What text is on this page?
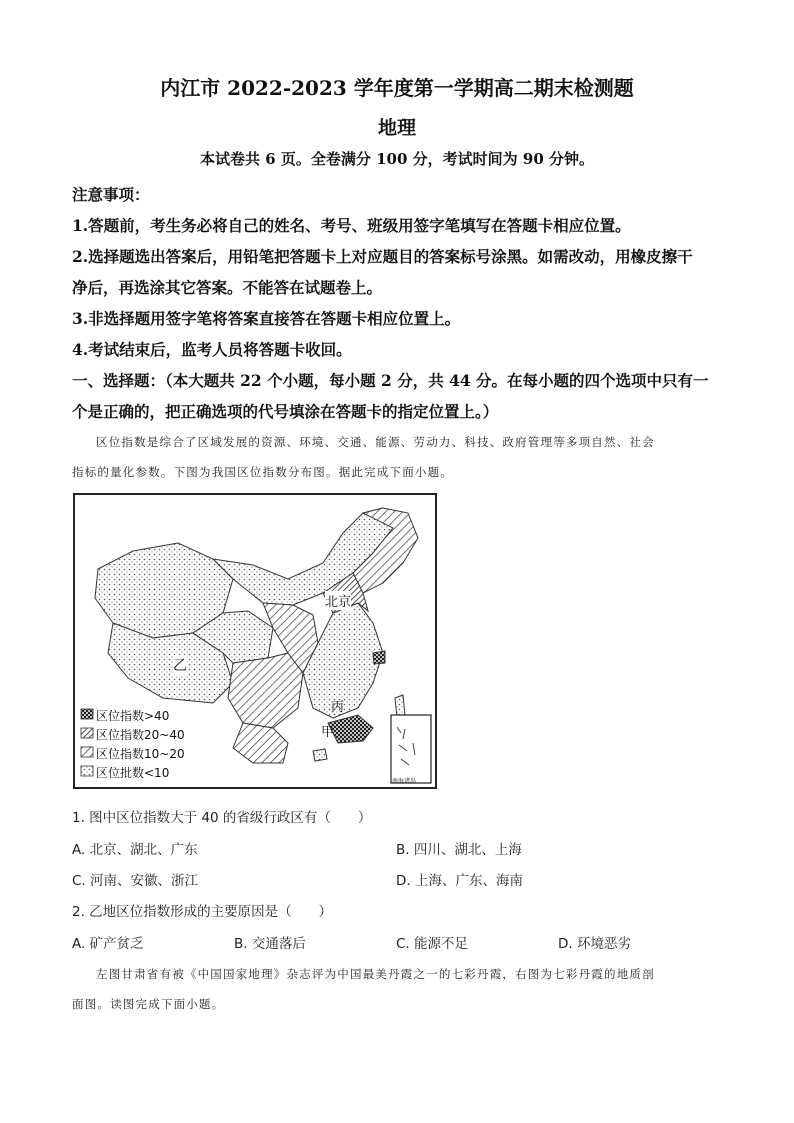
内江市 2022-2023 学年度第一学期高二期末检测题
地理
本试卷共 6 页。全卷满分 100 分，考试时间为 90 分钟。
注意事项：
1.答题前，考生务必将自己的姓名、考号、班级用签字笔填写在答题卡相应位置。
2.选择题选出答案后，用铅笔把答题卡上对应题目的答案标号涂黑。如需改动，用橡皮擦干
净后，再选涂其它答案。不能答在试题卷上。
3.非选择题用签字笔将答案直接答在答题卡相应位置上。
4.考试结束后，监考人员将答题卡收回。
一、选择题：（本大题共 22 个小题，每小题 2 分，共 44 分。在每小题的四个选项中只有一
个是正确的，把正确选项的代号填涂在答题卡的指定位置上。）
区位指数是综合了区域发展的资源、环境、交通、能源、劳动力、科技、政府管理等多项自然、社会
指标的量化参数。下图为我国区位指数分布图。据此完成下面小题。
区位指数>40
区位指数20~40
区位指数10~20
区位批数<10
北京
乙
丙
甲
南海诸岛
1. 图中区位指数大于 40 的省级行政区有（　　）
A. 北京、湖北、广东	B. 四川、湖北、上海
C. 河南、安徽、浙江	D. 上海、广东、海南
2. 乙地区位指数形成的主要原因是（　　）
A. 矿产贫乏	B. 交通落后	C. 能源不足	D. 环境恶劣
左图甘肃省有被《中国国家地理》杂志评为中国最美丹霞之一的七彩丹霞，右图为七彩丹霞的地质剖
面图。读图完成下面小题。
